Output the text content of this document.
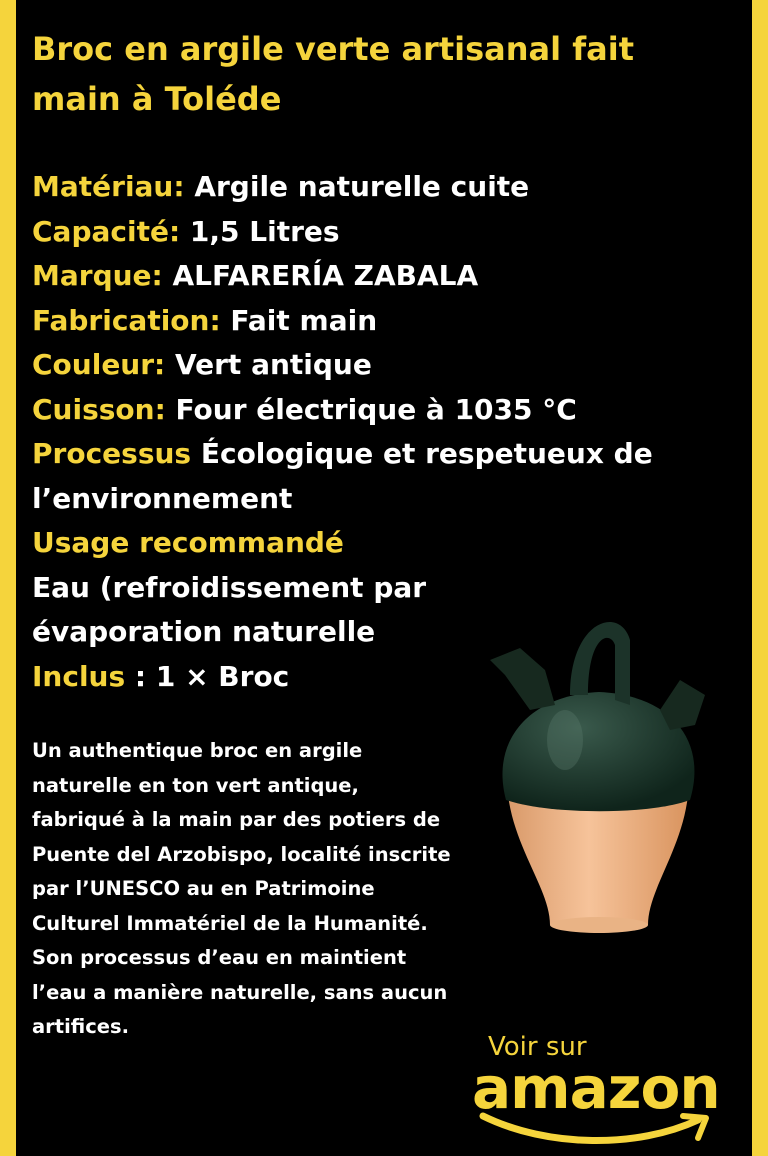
Broc en argile verte artisanal fait main à Toléde
Matériau: Argile naturelle cuite
Capacité: 1,5 Litres
Marque: ALFARERÍA ZABALA
Fabrication: Fait main
Couleur: Vert antique
Cuisson: Four électrique à 1035 °C
Processus Écologique et respetueux de l’environnement
Usage recommandé
Eau (refroidissement par évaporation naturelle
Inclus : 1 × Broc
Un authentique broc en argile naturelle en ton vert antique, fabriqué à la main par des potiers de Puente del Arzobispo, localité inscrite par l’UNESCO au en Patrimoine Culturel Immatériel de la Humanité. Son processus d’eau en maintient l’eau a manière naturelle, sans aucun artifices.
Voir sur
amazon
